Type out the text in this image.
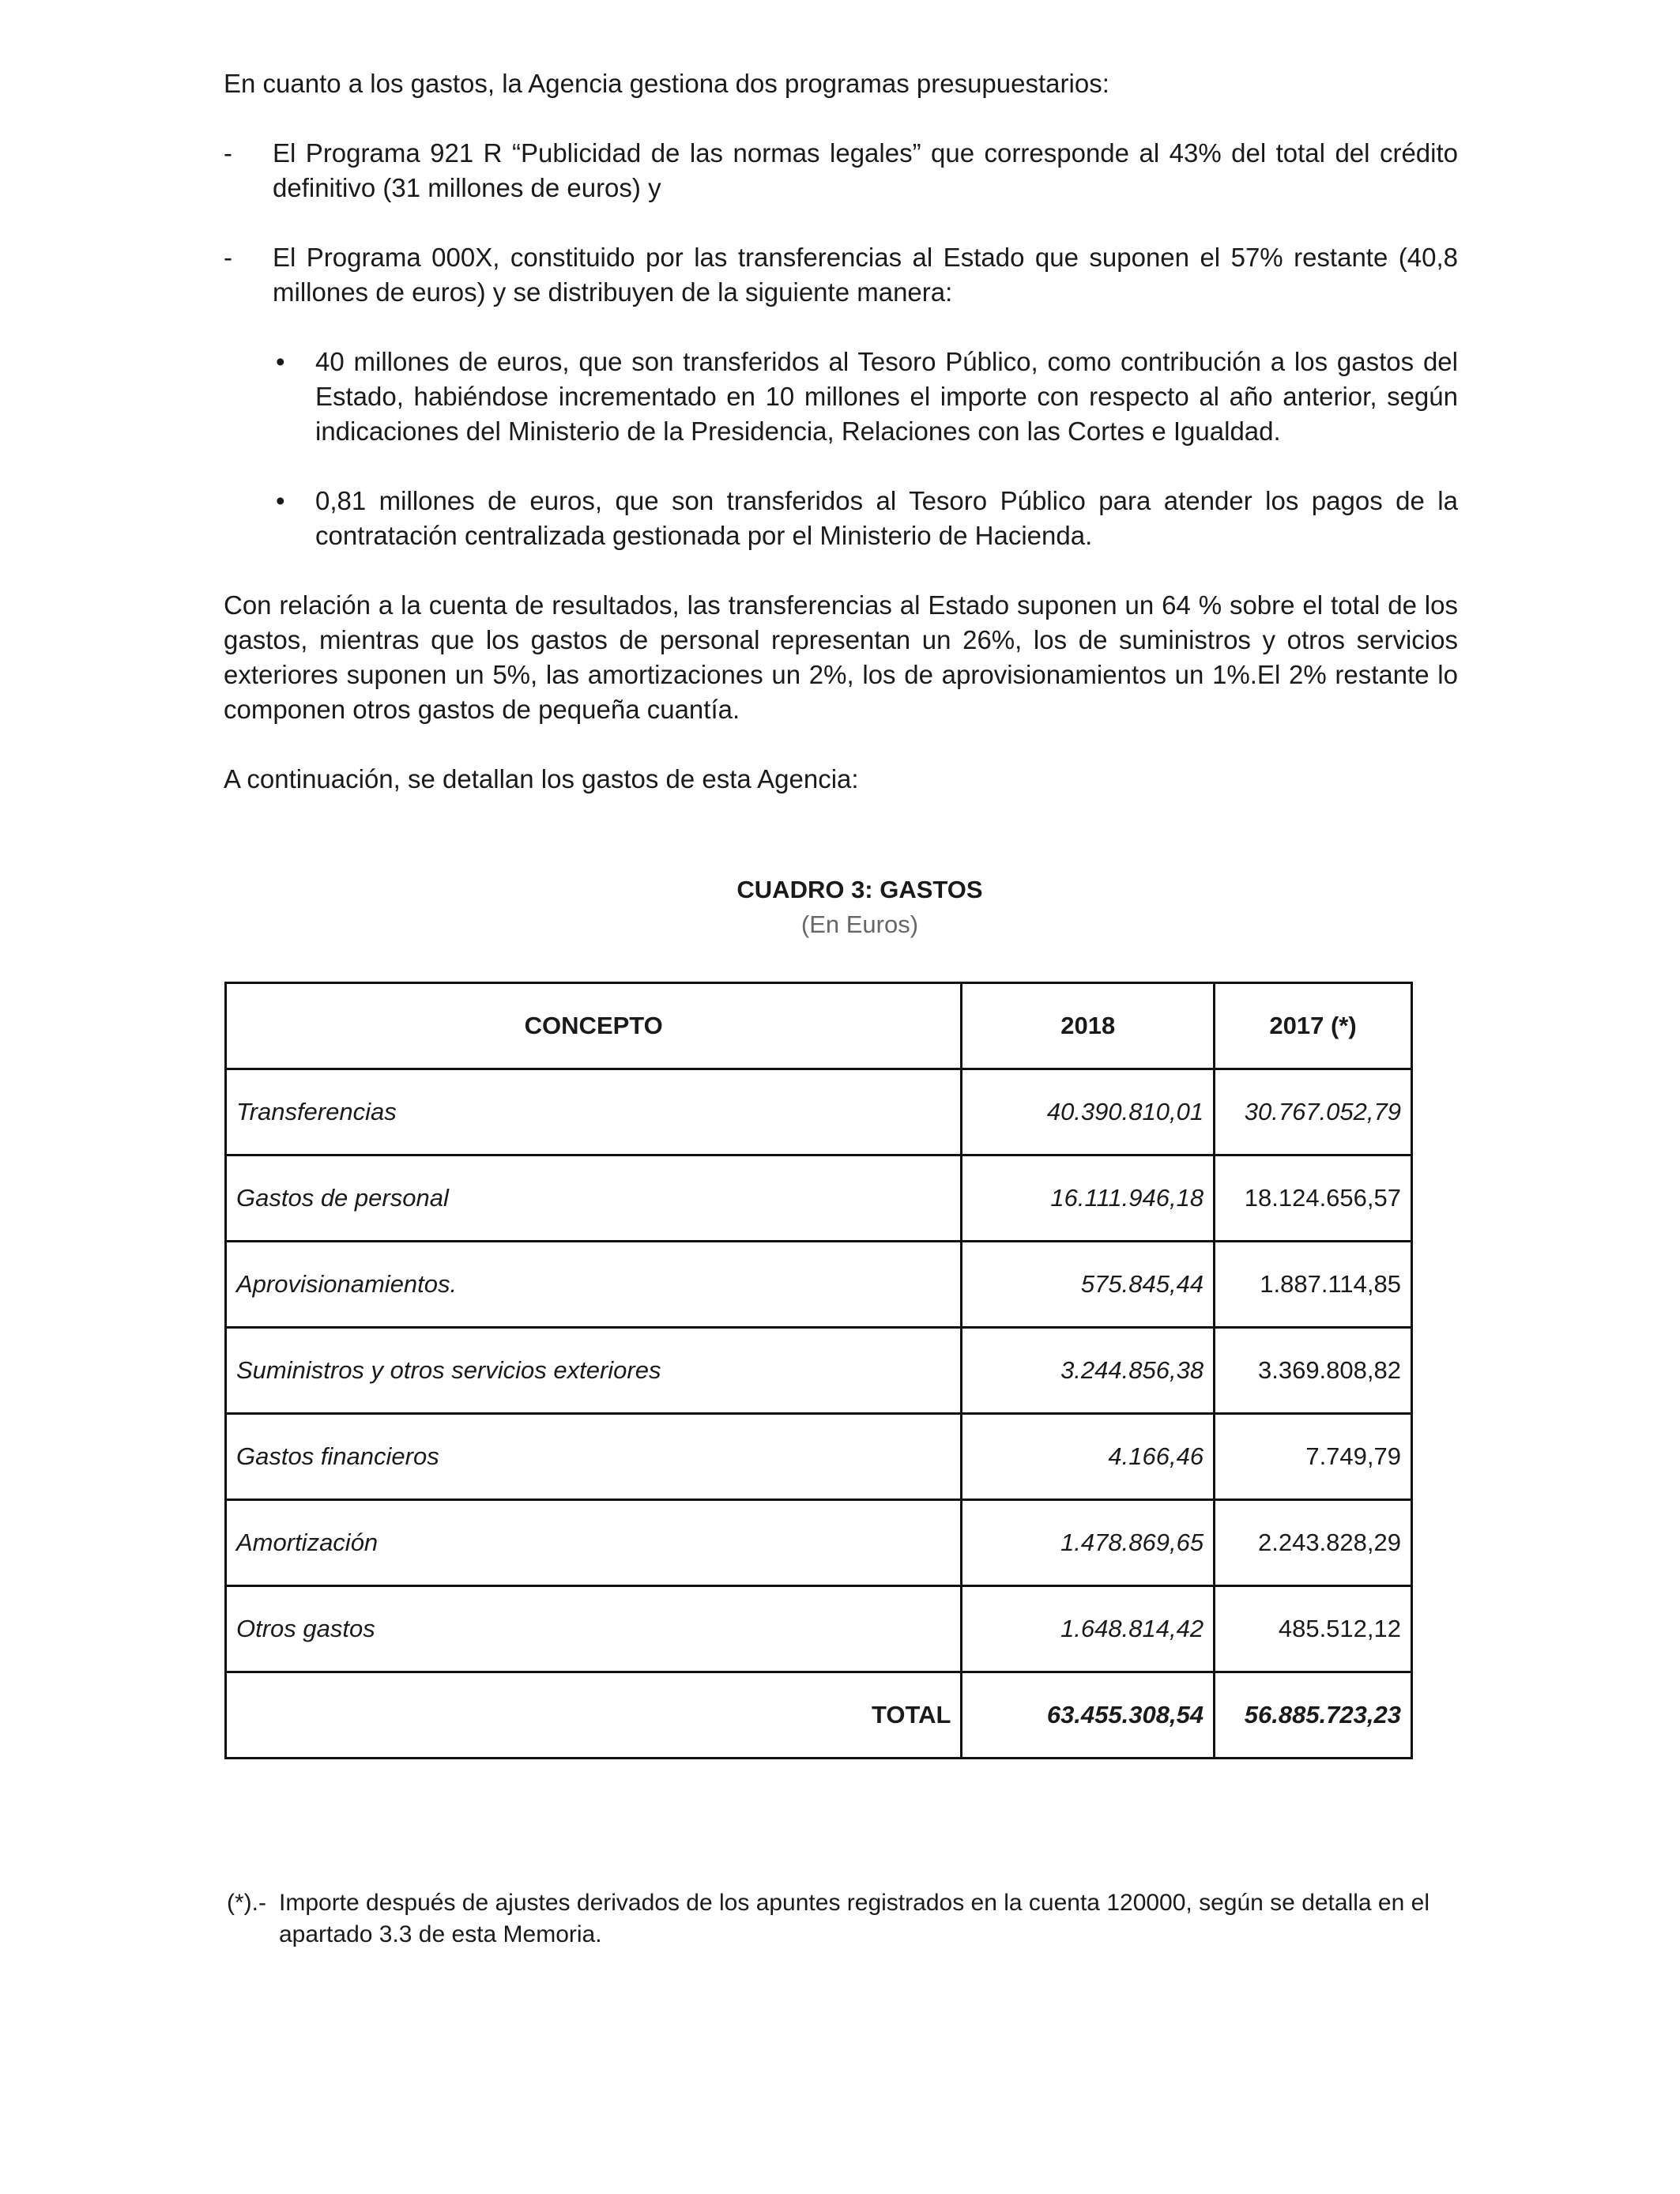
En cuanto a los gastos, la Agencia gestiona dos programas presupuestarios:
- El Programa 921 R “Publicidad de las normas legales” que corresponde al 43% del total del crédito definitivo (31 millones de euros) y
- El Programa 000X, constituido por las transferencias al Estado que suponen el 57% restante (40,8 millones de euros) y se distribuyen de la siguiente manera:
• 40 millones de euros, que son transferidos al Tesoro Público, como contribución a los gastos del Estado, habiéndose incrementado en 10 millones el importe con respecto al año anterior, según indicaciones del Ministerio de la Presidencia, Relaciones con las Cortes e Igualdad.
• 0,81 millones de euros, que son transferidos al Tesoro Público para atender los pagos de la contratación centralizada gestionada por el Ministerio de Hacienda.
Con relación a la cuenta de resultados, las transferencias al Estado suponen un 64 % sobre el total de los gastos, mientras que los gastos de personal representan un 26%, los de suministros y otros servicios exteriores suponen un 5%, las amortizaciones un 2%, los de aprovisionamientos un 1%.El 2% restante lo componen otros gastos de pequeña cuantía.
A continuación, se detallan los gastos de esta Agencia:
CUADRO 3: GASTOS
(En Euros)
CONCEPTO	2018	2017 (*)
Transferencias	40.390.810,01	30.767.052,79
Gastos de personal	16.111.946,18	18.124.656,57
Aprovisionamientos.	575.845,44	1.887.114,85
Suministros y otros servicios exteriores	3.244.856,38	3.369.808,82
Gastos financieros	4.166,46	7.749,79
Amortización	1.478.869,65	2.243.828,29
Otros gastos	1.648.814,42	485.512,12
TOTAL	63.455.308,54	56.885.723,23
(*).- Importe después de ajustes derivados de los apuntes registrados en la cuenta 120000, según se detalla en el apartado 3.3 de esta Memoria.
